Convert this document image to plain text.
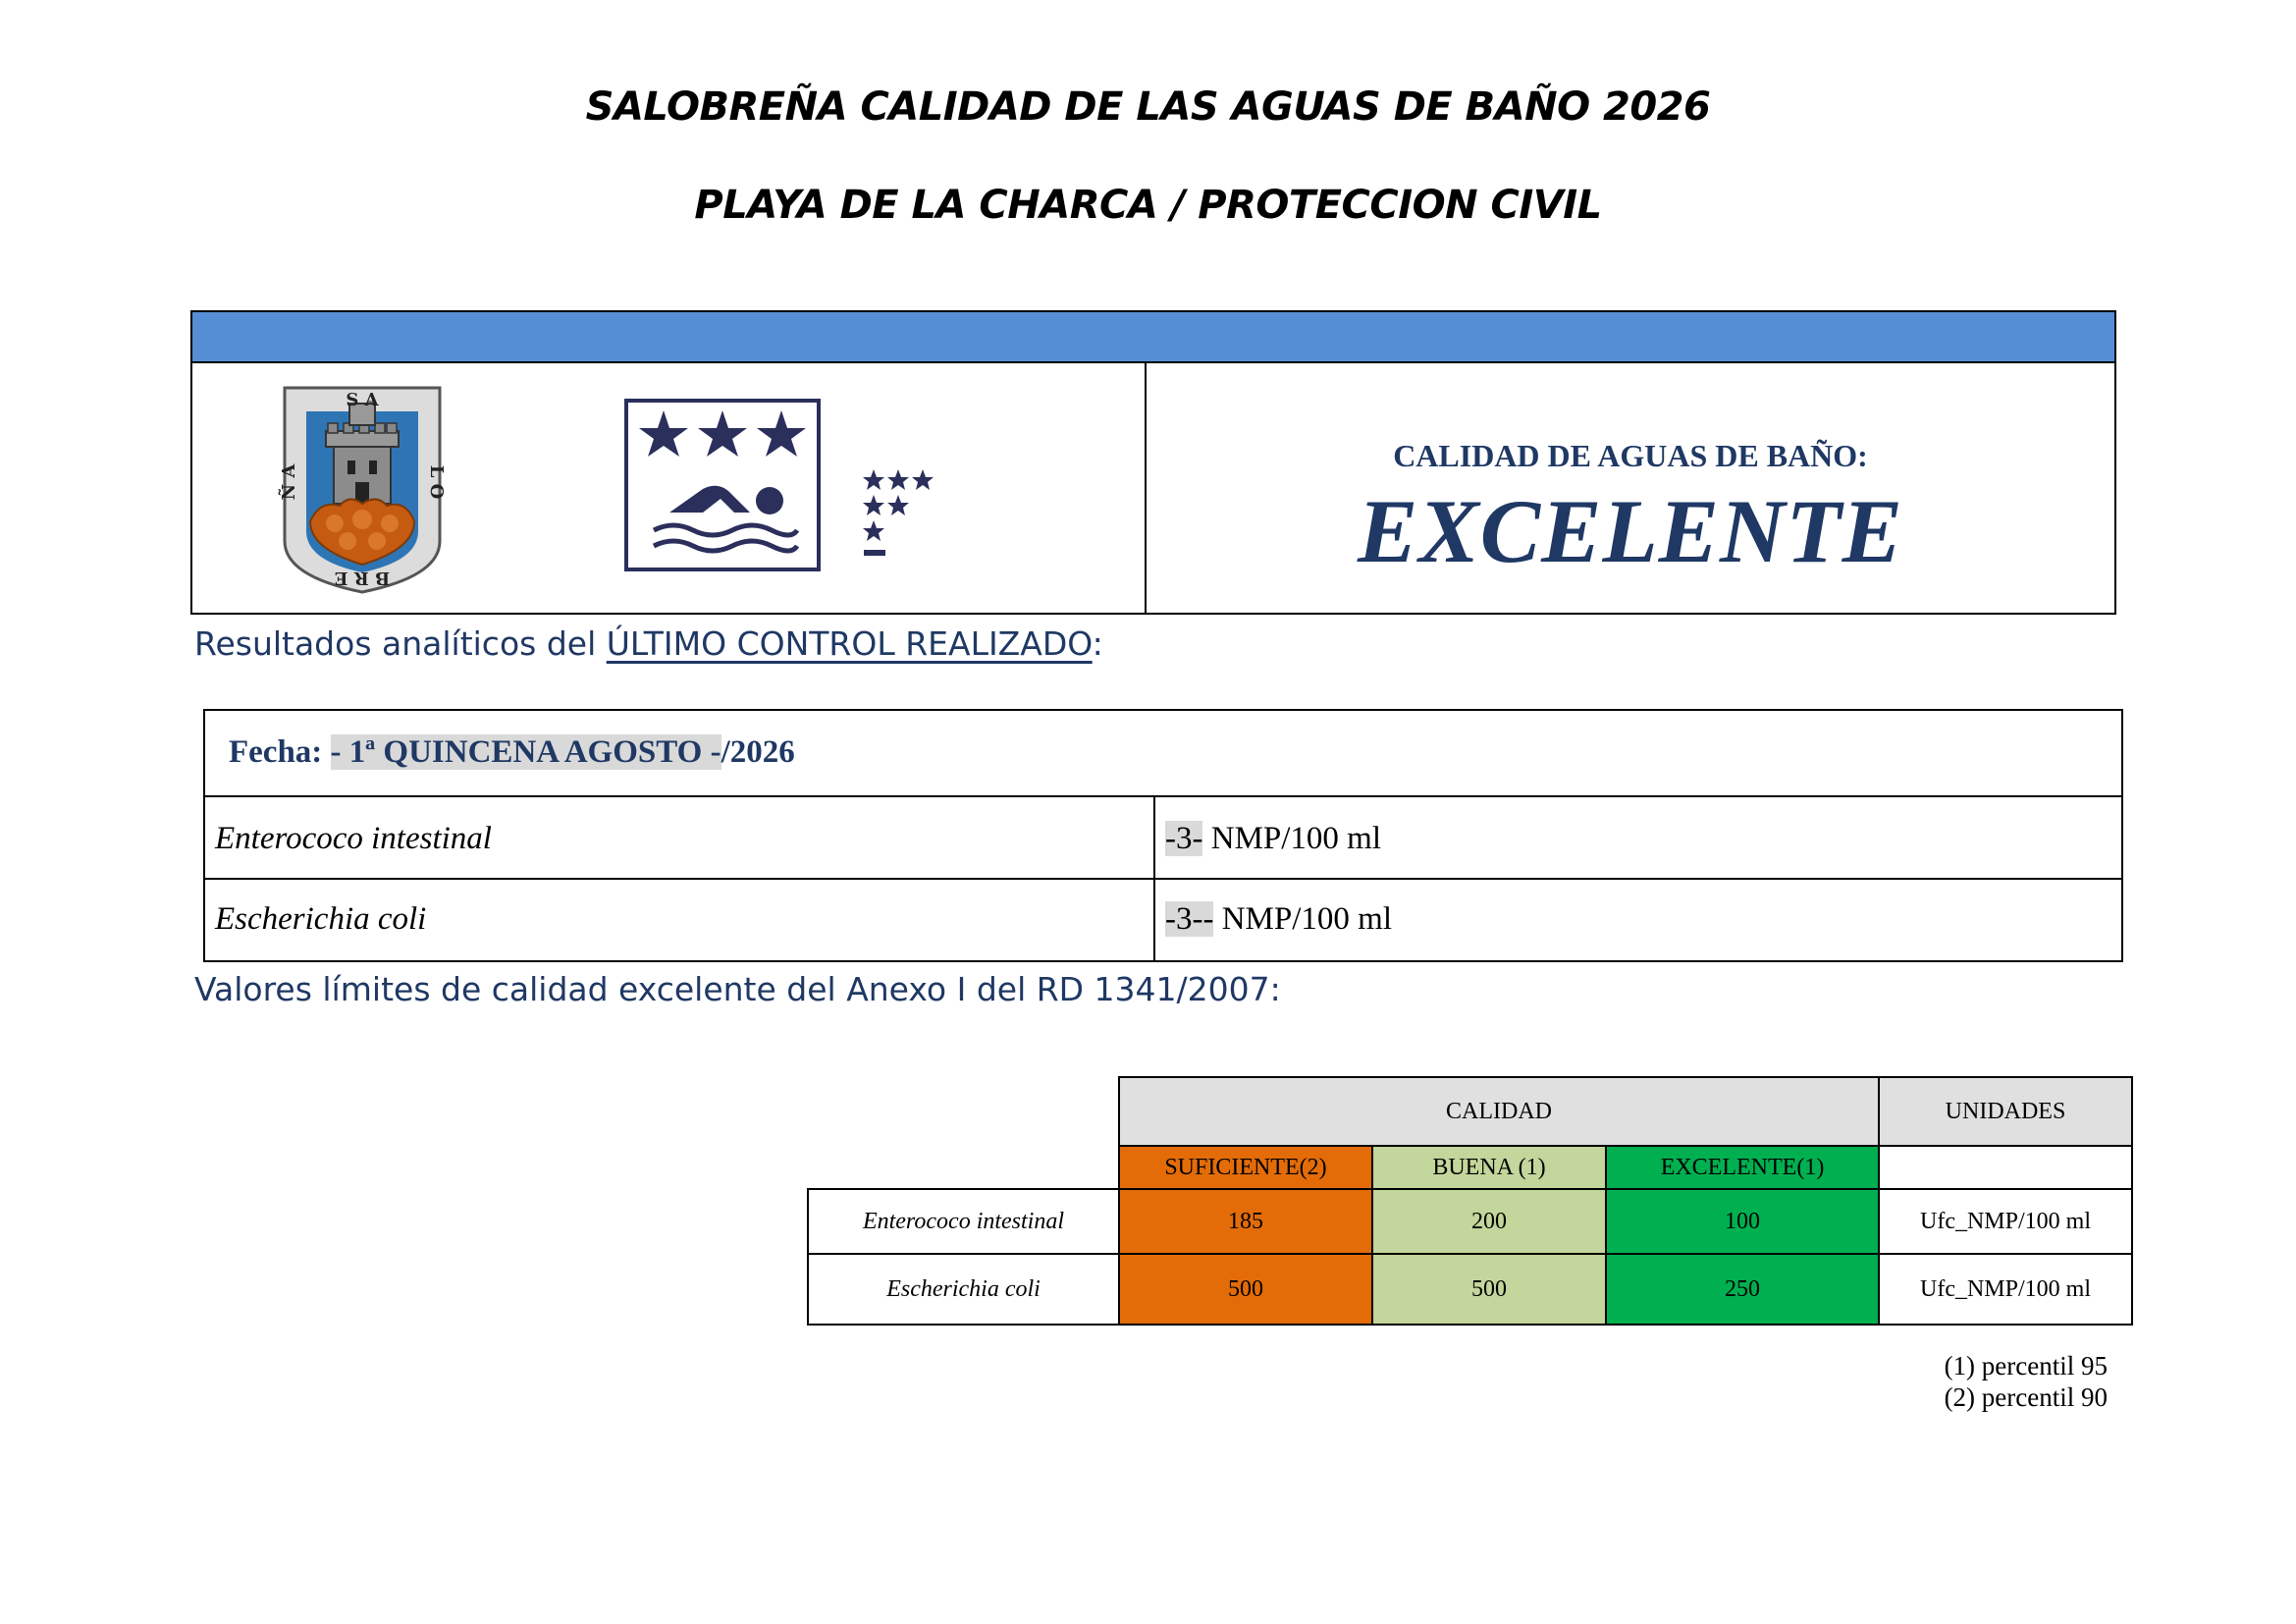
SALOBREÑA CALIDAD DE LAS AGUAS DE BAÑO 2026
PLAYA DE LA CHARCA / PROTECCION CIVIL
S A
L O
B R E
Ñ A
CALIDAD DE AGUAS DE BAÑO:
EXCELENTE
Resultados analíticos del ÚLTIMO CONTROL REALIZADO:
Fecha: - 1ª QUINCENA AGOSTO -/2026
Enterococo intestinal	-3- NMP/100 ml
Escherichia coli	-3-- NMP/100 ml
Valores límites de calidad excelente del Anexo I del RD 1341/2007:
	CALIDAD			UNIDADES
	SUFICIENTE(2)	BUENA (1)	EXCELENTE(1)	
Enterococo intestinal	185	200	100	Ufc_NMP/100 ml
Escherichia coli	500	500	250	Ufc_NMP/100 ml
(1) percentil 95
(2) percentil 90
